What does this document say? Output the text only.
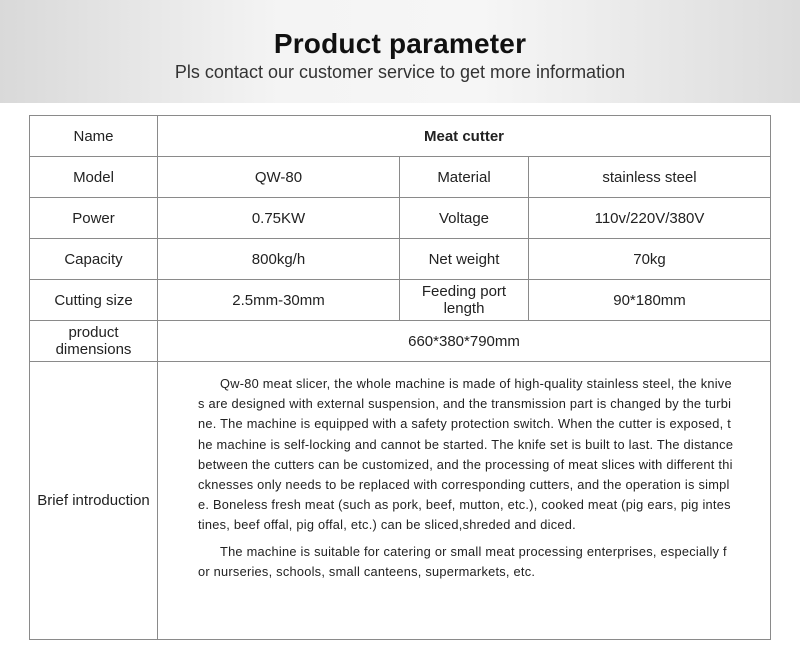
Product parameter
Pls contact our customer service to get more information
Name	Meat cutter		
Model	QW-80	Material	stainless steel
Power	0.75KW	Voltage	110v/220V/380V
Capacity	800kg/h	Net weight	70kg
Cutting size	2.5mm-30mm	Feeding port length	90*180mm
product dimensions	660*380*790mm		
Brief introduction	Qw-80 meat slicer, the whole machine is made of high-quality stainless steel, the knives are designed with external suspension, and the transmission part is changed by the turbine. The machine is equipped with a safety protection switch. When the cutter is exposed, the machine is self-locking and cannot be started. The knife set is built to last. The distance between the cutters can be customized, and the processing of meat slices with different thicknesses only needs to be replaced with corresponding cutters, and the operation is simple. Boneless fresh meat (such as pork, beef, mutton, etc.), cooked meat (pig ears, pig intestines, beef offal, pig offal, etc.) can be sliced,shreded and diced.

The machine is suitable for catering or small meat processing enterprises, especially for nurseries, schools, small canteens, supermarkets, etc.		
